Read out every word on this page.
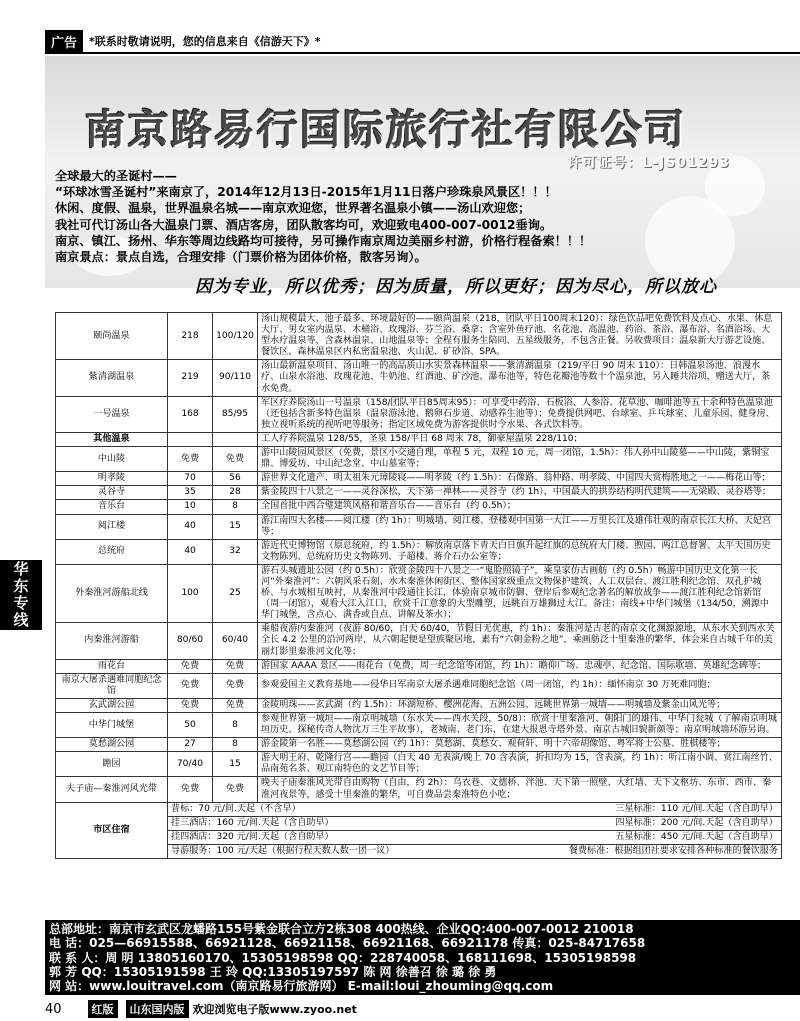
广告	*联系时敬请说明，您的信息来自《信游天下》*
南京路易行国际旅行社有限公司
许可证号：L-JS01293
全球最大的圣诞村——
“环球冰雪圣诞村”来南京了，2014年12月13日-2015年1月11日落户珍珠泉风景区！！！
休闲、度假、温泉，世界温泉名城——南京欢迎您，世界著名温泉小镇——汤山欢迎您；
我社可代订汤山各大温泉门票、酒店客房，团队散客均可，欢迎致电400-007-0012垂询。
南京、镇江、扬州、华东等周边线路均可接待，另可操作南京周边美丽乡村游，价格行程备索！！！
南京景点：景点自选，合理安排（门票价格为团体价格，散客另询）。
因为专业，所以优秀；因为质量，所以更好；因为尽心，所以放心
颐尚温泉	218	100/120	汤山规模最大、池子最多、环境最好的——颐尚温泉（218，团队平日100周末120）：绿色饮品吧免费饮料及点心、水果、休息大厅、男女室内温泉、木桶浴、玫瑰浴、芬兰浴、桑拿；含室外鱼疗池、名花池、高温池、药浴、茶浴、瀑布浴、名酒浴场、大型水疗温泉等，含森林温泉、山地温泉等；全程有服务生陪同、五星级服务，不包含正餐。另收费项目：温泉新大厅游艺设施、餐饮区、森林温泉区内私密温泉池、火山泥、矿砂浴、SPA。
紫清湖温泉	219	90/110	汤山最新温泉项目、汤山唯一的高品质山水实景森林温泉——紫清湖温泉（219/平日 90 周末 110）：日韩温泉汤池、浪漫水疗、山泉水浴池、玫瑰花池、牛奶池、红酒池、矿沙池、瀑布池等，特色花瓣池等数十个温泉池，另入睡共浴项，赠送大厅，茶水免费。
一号温泉	168	85/95	军区疗养院汤山一号温泉（158/团队平日85周末95）：可享受中药浴、石板浴、人参浴、花草池、咖啡池等五十余种特色温泉池（还包括含新多特色温泉（温泉游泳池、鹅卵石步道、动感养生池等）；免费提供网吧、台球室、乒乓球室、儿童乐园、健身房、独立视听系统的视听吧等服务；指定区域免费为游客提供时令水果、各式饮料等。
其他温泉			工人疗养院温泉 128/55，圣泉 158/平日 68 周末 78，御豪屋温泉 228/110；
中山陵	免费	免费	游中山陵园风景区（免费，景区小交通自理，单程 5 元，双程 10 元，周一闭馆，1.5h）：伟人孙中山陵墓——中山陵，紫铜宝鼎、博爱坊、中山纪念堂、中山墓室等；
明孝陵	70	56	游世界文化遗产、明太祖朱元璋陵寝——明孝陵（约 1.5h）：石像路、翁仲路、明孝陵、中国四大赏梅胜地之一——梅花山等；
灵谷寺	35	28	紫金陵四十八景之一——灵谷深松、天下第一禅林——灵谷寺（约 1h），中国最大的拱券结构明代建筑——无梁殿、灵谷塔等；
音乐台	10	8	全国首批中西合璧建筑风格和谐音乐台——音乐台（约 0.5h）；
阅江楼	40	15	游江南四大名楼——阅江楼（约 1h）：明城墙、阅江楼、登楼观中国第一大江——万里长江及雄伟壮观的南京长江大桥、天妃宫等；
总统府	40	32	游近代史博物馆（原总统府，约 1.5h）：解放南京落下青天白日旗升起红旗的总统府大门楼、煦园、两江总督署、太平天国历史文物陈列、总统府历史文物陈列、子超楼、蒋介石办公室等；
外秦淮河游船北线	100	25	游石头城遗址公园（约 0.5h）：欣赏金陵四十八景之一“鬼脸照镜子”，乘皇家仿古画舫（约 0.5h）畅游中国历史文化第一长河“外秦淮河”：六朝风采石刻、水木秦淮休闲街区、整体国家级重点文物保护建筑、人工双层台、渡江胜利纪念馆、双孔护城桥、与水城相互映衬，从秦淮河中段通往长江，体验南京城市防御、登岸后参观纪念著名的解放战争——渡江胜利纪念馆新馆（周一闭馆），观看大江入江口，欣赏千江意象的大型雕塑，远眺百万雄狮过大江。备注：南线+中华门城堡（134/50，溯源中华门城堡，含点心、满香或自点、讲解及茶水）；
内秦淮河游船	80/60	60/40	乘船夜游内秦淮河（夜游 80/60，白天 60/40，节假日无优惠，约 1h）：秦淮河是古老的南京文化渊源源地，从东水关到西水关全长 4.2 公里的沿河两岸，从六朝起便是望族聚居地，素有“六朝金粉之地”，乘画舫泛十里秦淮的繁华，体会来自古城千年的美丽灯影里秦淮河文化等；
雨花台	免费	免费	游国家 AAAA 景区——雨花台（免费，周一纪念馆等闭馆，约 1h）：瞻仰广场、忠魂亭、纪念馆、国际歌墙、英雄纪念碑等；
南京大屠杀遇难同胞纪念馆	免费	免费	参观爱国主义教育基地——侵华日军南京大屠杀遇难同胞纪念馆（周一闭馆，约 1h）：缅怀南京 30 万死难同胞；
玄武湖公园	免费	免费	金陵明珠——玄武湖（约 1.5h）：环湖短桥、樱洲花海、五洲公园、远眺世界第一城墙——明城墙及紫金山风光等；
中华门城堡	50	8	参观世界第一城垣——南京明城墙（东水关——西水关段，50/8）：欣赏十里秦淮河、朝阳门的雄伟、中华门瓮城（了解南京明城垣历史、探秘传奇人物沈万三生平故事），老城南、老门东，在建大报恩寺塔外景、南京古城旧貌新颜等；南京明城墙环游另询。
莫愁湖公园	27	8	游金陵第一名胜——莫愁湖公园（约 1h）：莫愁湖、莫愁女、观荷轩、明十六帝胡像馆、粤军将士公墓、胜棋楼等；
瞻园	70/40	15	游大明王府、乾隆行宫——瞻园（白天 40 无表演/晚上 70 含表演，折扣均为 15，含表演，约 1h）：听江南小调、赏江南丝竹、品南苑名茶、观江南特色的文艺节目等；
夫子庙—秦淮河风光带	免费	免费	晚夫子庙秦淮风光带自由购物（自由，约 2h）：乌衣巷、文德桥、泮池、天下第一照壁、大红墙、天下文枢坊、东市、西市、秦淮河夜景等，感受十里秦淮的繁华，可自费品尝秦淮特色小吃；
市区住宿	普标：70 元/间.天起（不含早） 三星标准：110 元/间.天起（含自助早）		

	挂三酒店：160 元/间.天起（含自助早） 四星标准：200 元/间.天起（含自助早）		

	挂四酒店：320 元/间.天起（含自助早） 五星标准：450 元/间.天起（含自助早）		

	导游服务：100 元/天起（根据行程天数人数一团一议） 餐费标准：根据组团社要求安排各种标准的餐饮服务		
总部地址：南京市玄武区龙蟠路155号紫金联合立方2栋308 400热线、企业QQ:400-007-0012 210018
电 话：025—66915588、66921128、66921158、66921168、66921178 传真：025-84717658
联 系 人：周 明 13805160170、15305198598 QQ：228740058、168111698、15305198598
郭 芳 QQ：15305191598 王 玲 QQ:13305197597 陈 网 徐善召 徐 璐 徐 勇
网 站：www.louitravel.com（南京路易行旅游网） E-mail:loui_zhouming@qq.com
40	红版	山东国内版 欢迎浏览电子版www.zyoo.net
华东专线
